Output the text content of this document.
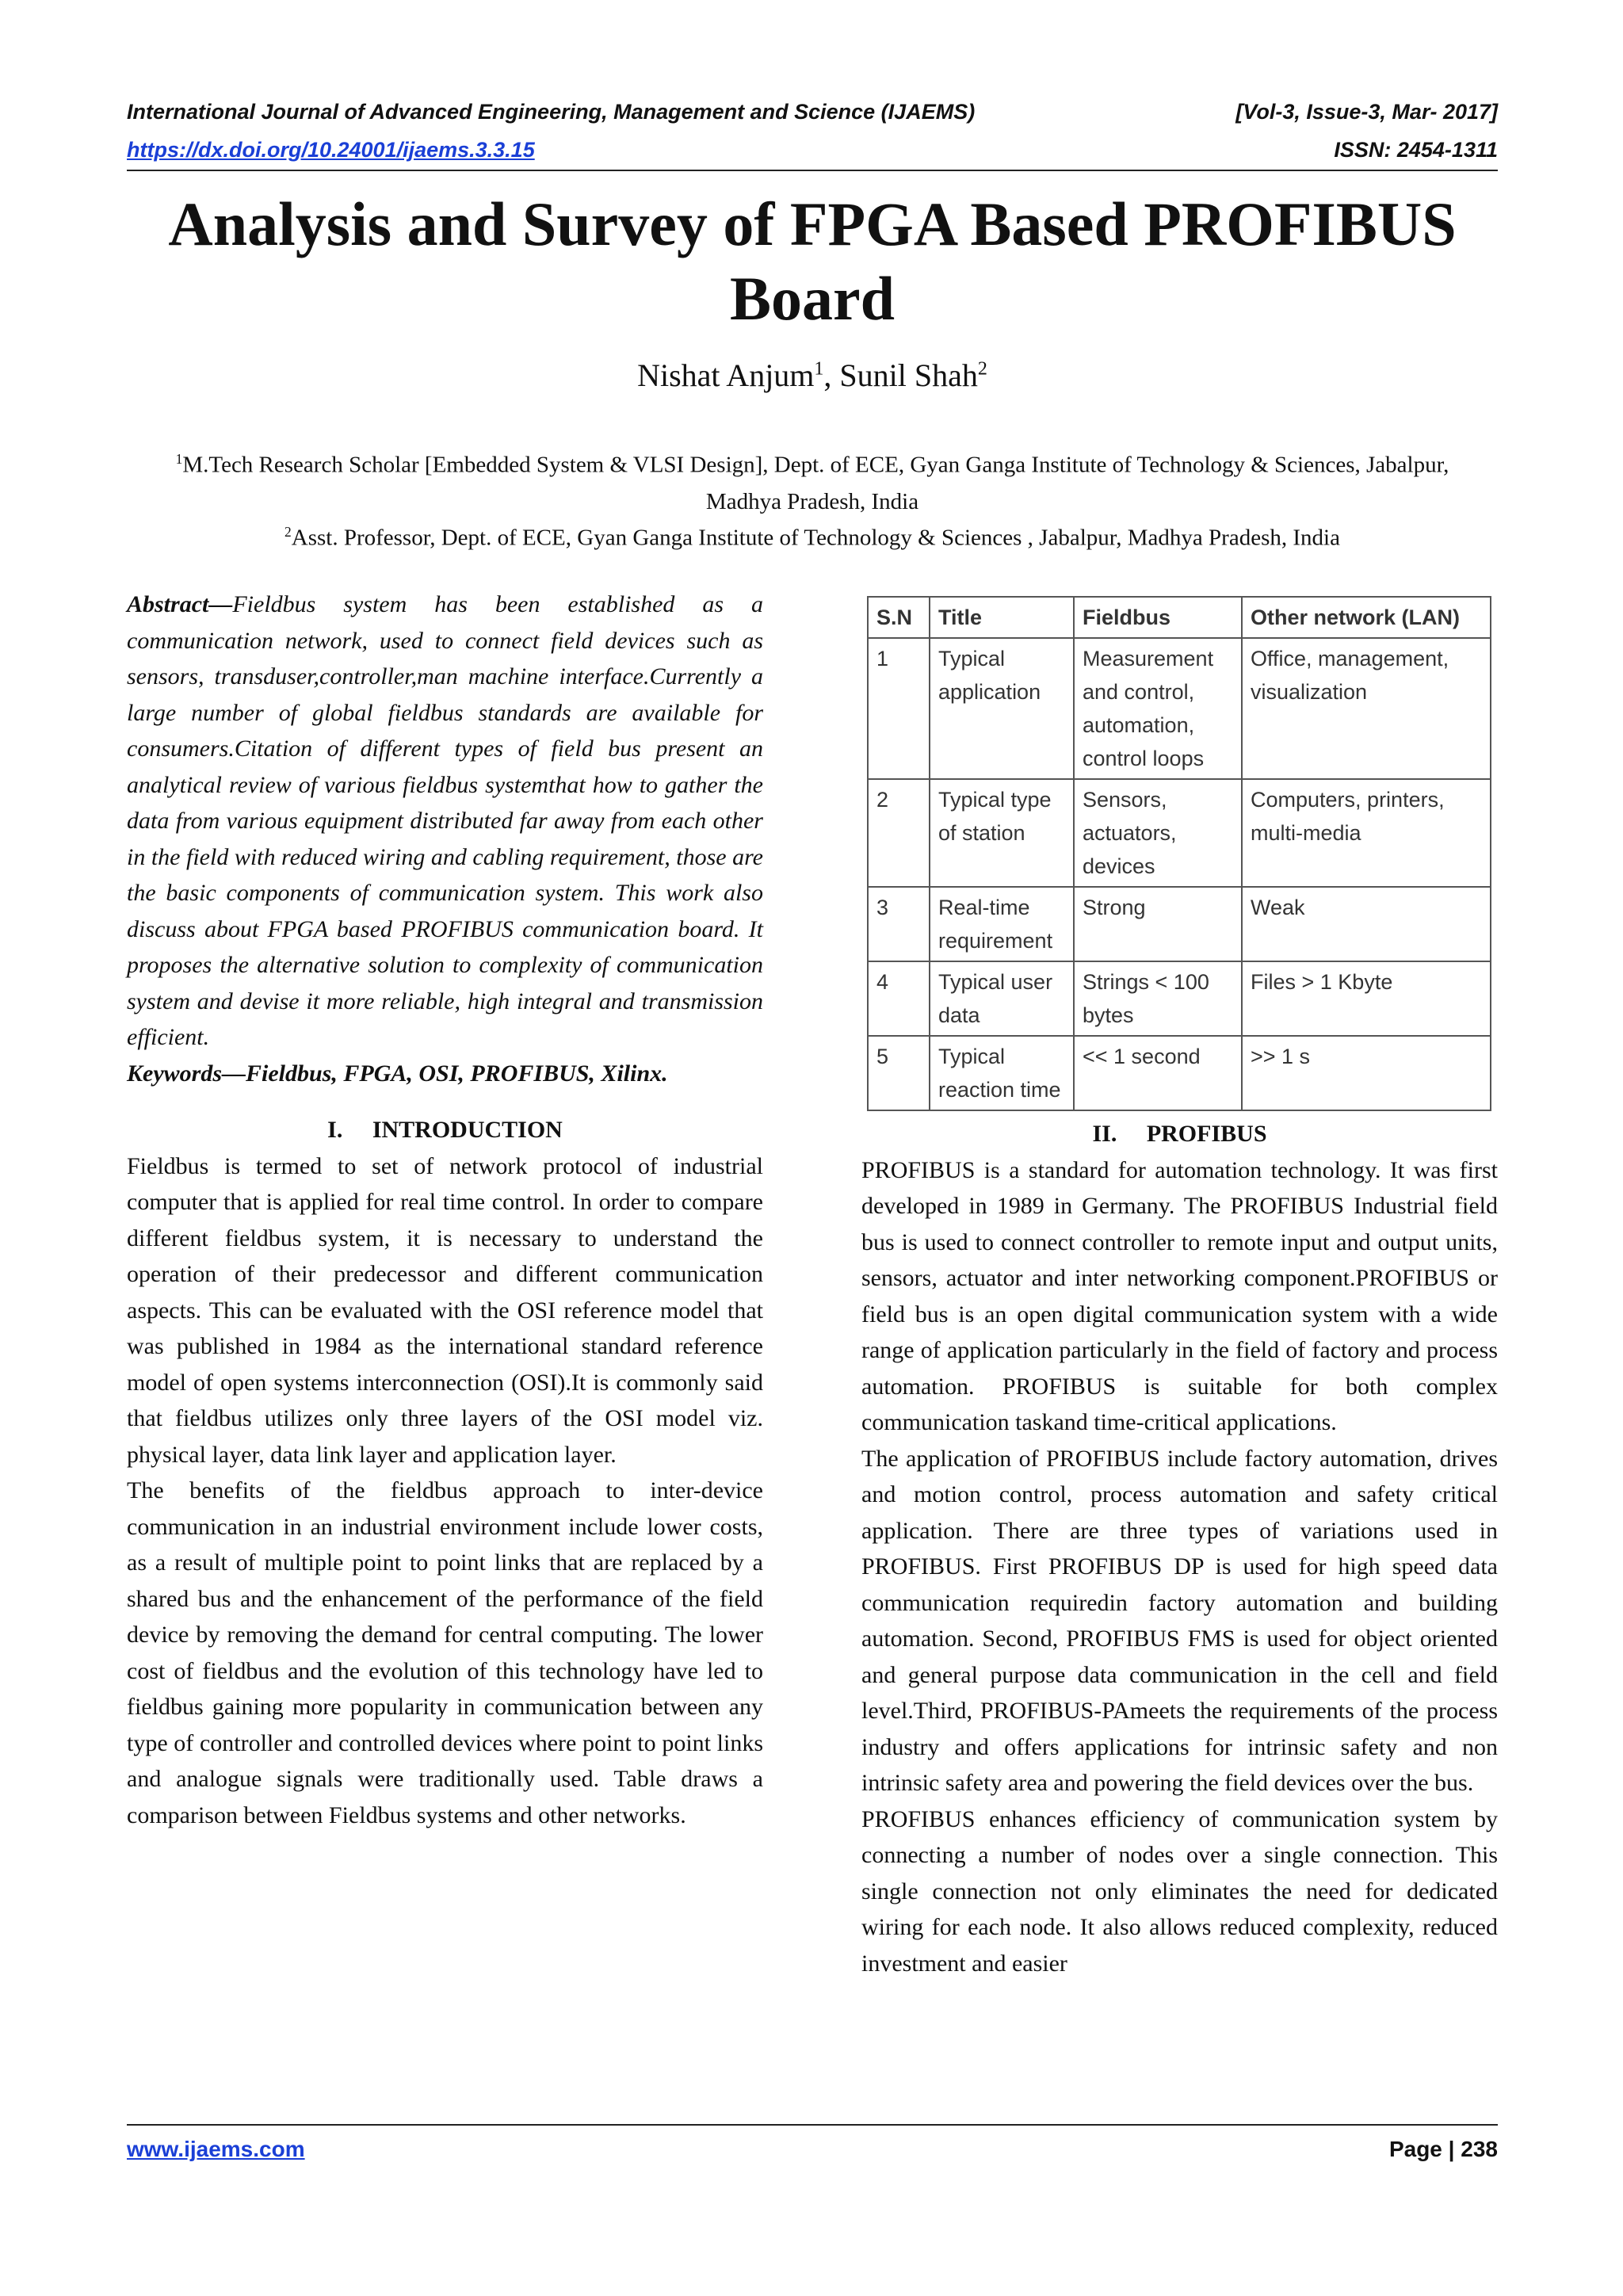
International Journal of Advanced Engineering, Management and Science (IJAEMS)	[Vol-3, Issue-3, Mar- 2017]
https://dx.doi.org/10.24001/ijaems.3.3.15	ISSN: 2454-1311
Analysis and Survey of FPGA Based PROFIBUS Board
Nishat Anjum$^1$, Sunil Shah$^2$
$^1$M.Tech Research Scholar [Embedded System & VLSI Design], Dept. of ECE, Gyan Ganga Institute of Technology & Sciences, Jabalpur, Madhya Pradesh, India
$^2$Asst. Professor, Dept. of ECE, Gyan Ganga Institute of Technology & Sciences , Jabalpur, Madhya Pradesh, India

Abstract—Fieldbus system has been established as a communication network, used to connect field devices such as sensors, transduser,controller,man machine interface.Currently a large number of global fieldbus standards are available for consumers.Citation of different types of field bus present an analytical review of various fieldbus systemthat how to gather the data from various equipment distributed far away from each other in the field with reduced wiring and cabling requirement, those are the basic components of communication system. This work also discuss about FPGA based PROFIBUS communication board. It proposes the alternative solution to complexity of communication system and devise it more reliable, high integral and transmission efficient.

Keywords—Fieldbus, FPGA, OSI, PROFIBUS, Xilinx.

I.     INTRODUCTION

Fieldbus is termed to set of network protocol of industrial computer that is applied for real time control. In order to compare different fieldbus system, it is necessary to understand the operation of their predecessor and different communication aspects. This can be evaluated with the OSI reference model that was published in 1984 as the international standard reference model of open systems interconnection (OSI).It is commonly said that fieldbus utilizes only three layers of the OSI model viz. physical layer, data link layer and application layer.

The benefits of the fieldbus approach to inter-device communication in an industrial environment include lower costs, as a result of multiple point to point links that are replaced by a shared bus and the enhancement of the performance of the field device by removing the demand for central computing. The lower cost of fieldbus and the evolution of this technology have led to fieldbus gaining more popularity in communication between any type of controller and controlled devices where point to point links and analogue signals were traditionally used. Table draws a comparison between Fieldbus systems and other networks.

S.N	Title	Fieldbus	Other network (LAN)
1	Typical application	Measurement and control, automation, control loops	Office, management, visualization
2	Typical type of station	Sensors, actuators, devices	Computers, printers, multi-media
3	Real-time requirement	Strong	Weak
4	Typical user data	Strings < 100 bytes	Files > 1 Kbyte
5	Typical reaction time	<< 1 second	>> 1 s

II.     PROFIBUS

PROFIBUS is a standard for automation technology. It was first developed in 1989 in Germany. The PROFIBUS Industrial field bus is used to connect controller to remote input and output units, sensors, actuator and inter networking component.PROFIBUS or field bus is an open digital communication system with a wide range of application particularly in the field of factory and process automation. PROFIBUS is suitable for both complex communication taskand time-critical applications.

The application of PROFIBUS include factory automation, drives and motion control, process automation and safety critical application. There are three types of variations used in PROFIBUS. First PROFIBUS DP is used for high speed data communication requiredin factory automation and building automation. Second, PROFIBUS FMS is used for object oriented and general purpose data communication in the cell and field level.Third, PROFIBUS-PAmeets the requirements of the process industry and offers applications for intrinsic safety and non intrinsic safety area and powering the field devices over the bus.

PROFIBUS enhances efficiency of communication system by connecting a number of nodes over a single connection. This single connection not only eliminates the need for dedicated wiring for each node. It also allows reduced complexity, reduced investment and easier

www.ijaems.com	Page | 238
